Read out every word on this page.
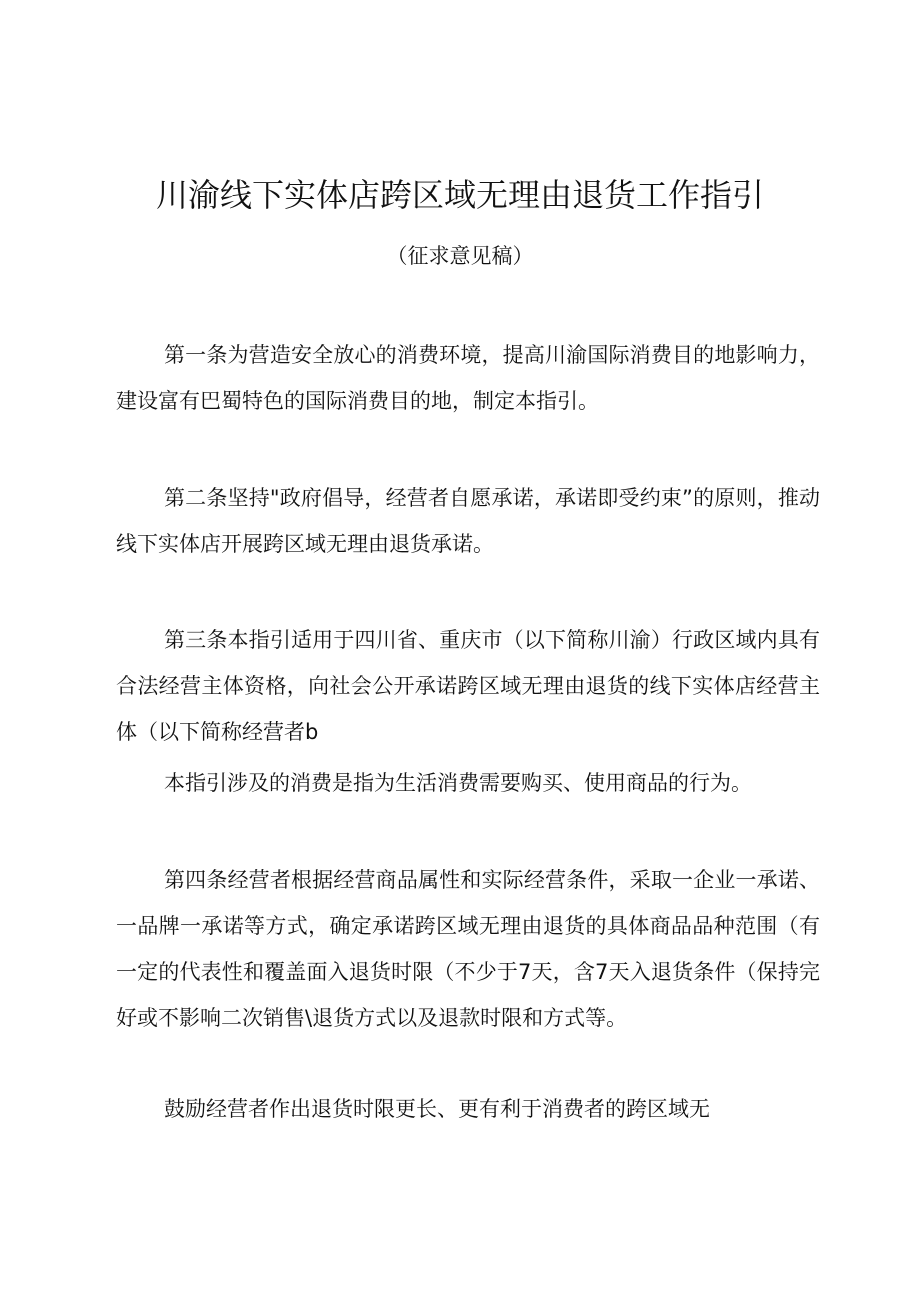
川渝线下实体店跨区域无理由退货工作指引

（征求意见稿）

第一条为营造安全放心的消费环境，提高川渝国际消费目的地影响力，建设富有巴蜀特色的国际消费目的地，制定本指引。

第二条坚持"政府倡导，经营者自愿承诺，承诺即受约束”的原则，推动线下实体店开展跨区域无理由退货承诺。

第三条本指引适用于四川省、重庆市（以下简称川渝）行政区域内具有合法经营主体资格，向社会公开承诺跨区域无理由退货的线下实体店经营主体（以下简称经营者b

本指引涉及的消费是指为生活消费需要购买、使用商品的行为。

第四条经营者根据经营商品属性和实际经营条件，采取一企业一承诺、一品牌一承诺等方式，确定承诺跨区域无理由退货的具体商品品种范围（有一定的代表性和覆盖面入退货时限（不少于7天，含7天入退货条件（保持完好或不影响二次销售\退货方式以及退款时限和方式等。

鼓励经营者作出退货时限更长、更有利于消费者的跨区域无
